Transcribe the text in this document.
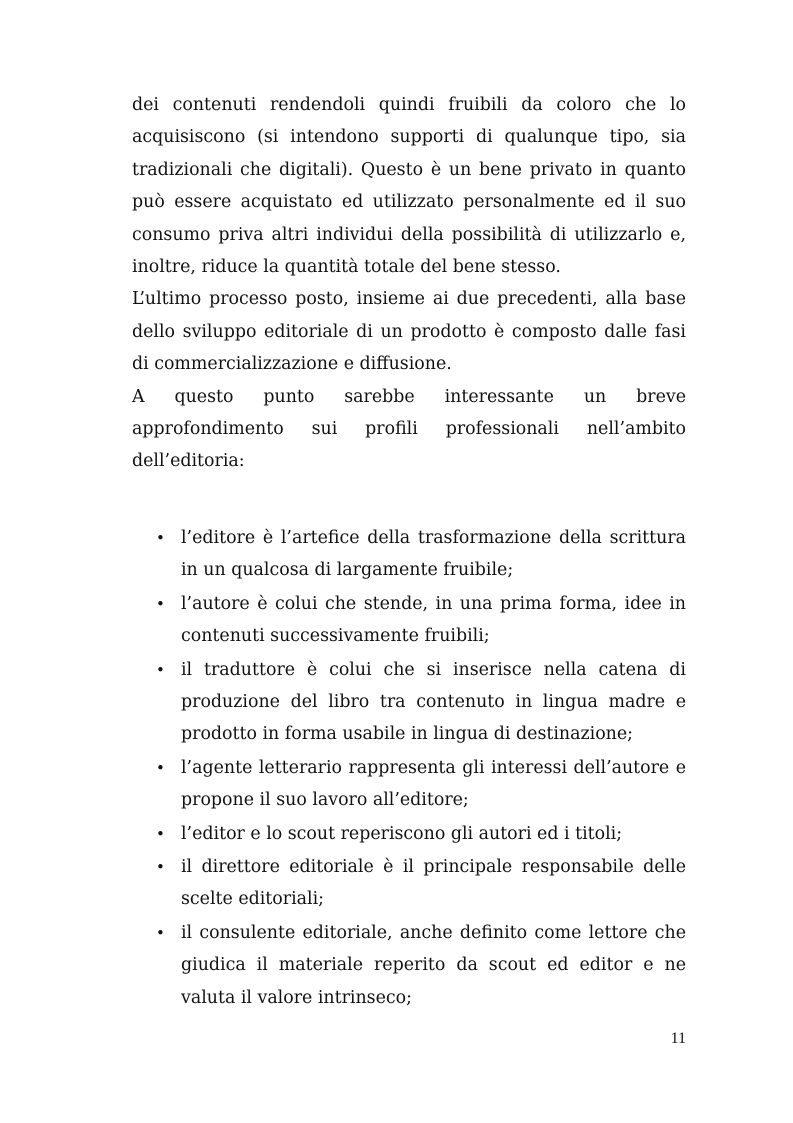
dei contenuti rendendoli quindi fruibili da coloro che lo acquisiscono (si intendono supporti di qualunque tipo, sia tradizionali che digitali). Questo è un bene privato in quanto può essere acquistato ed utilizzato personalmente ed il suo consumo priva altri individui della possibilità di utilizzarlo e, inoltre, riduce la quantità totale del bene stesso.

L’ultimo processo posto, insieme ai due precedenti, alla base dello sviluppo editoriale di un prodotto è composto dalle fasi di commercializzazione e diffusione.

A questo punto sarebbe interessante un breve approfondimento sui profili professionali nell’ambito dell’editoria:

• l’editore è l’artefice della trasformazione della scrittura in un qualcosa di largamente fruibile;
• l’autore è colui che stende, in una prima forma, idee in contenuti successivamente fruibili;
• il traduttore è colui che si inserisce nella catena di produzione del libro tra contenuto in lingua madre e prodotto in forma usabile in lingua di destinazione;
• l’agente letterario rappresenta gli interessi dell’autore e propone il suo lavoro all’editore;
• l’editor e lo scout reperiscono gli autori ed i titoli;
• il direttore editoriale è il principale responsabile delle scelte editoriali;
• il consulente editoriale, anche definito come lettore che giudica il materiale reperito da scout ed editor e ne valuta il valore intrinseco;
11
